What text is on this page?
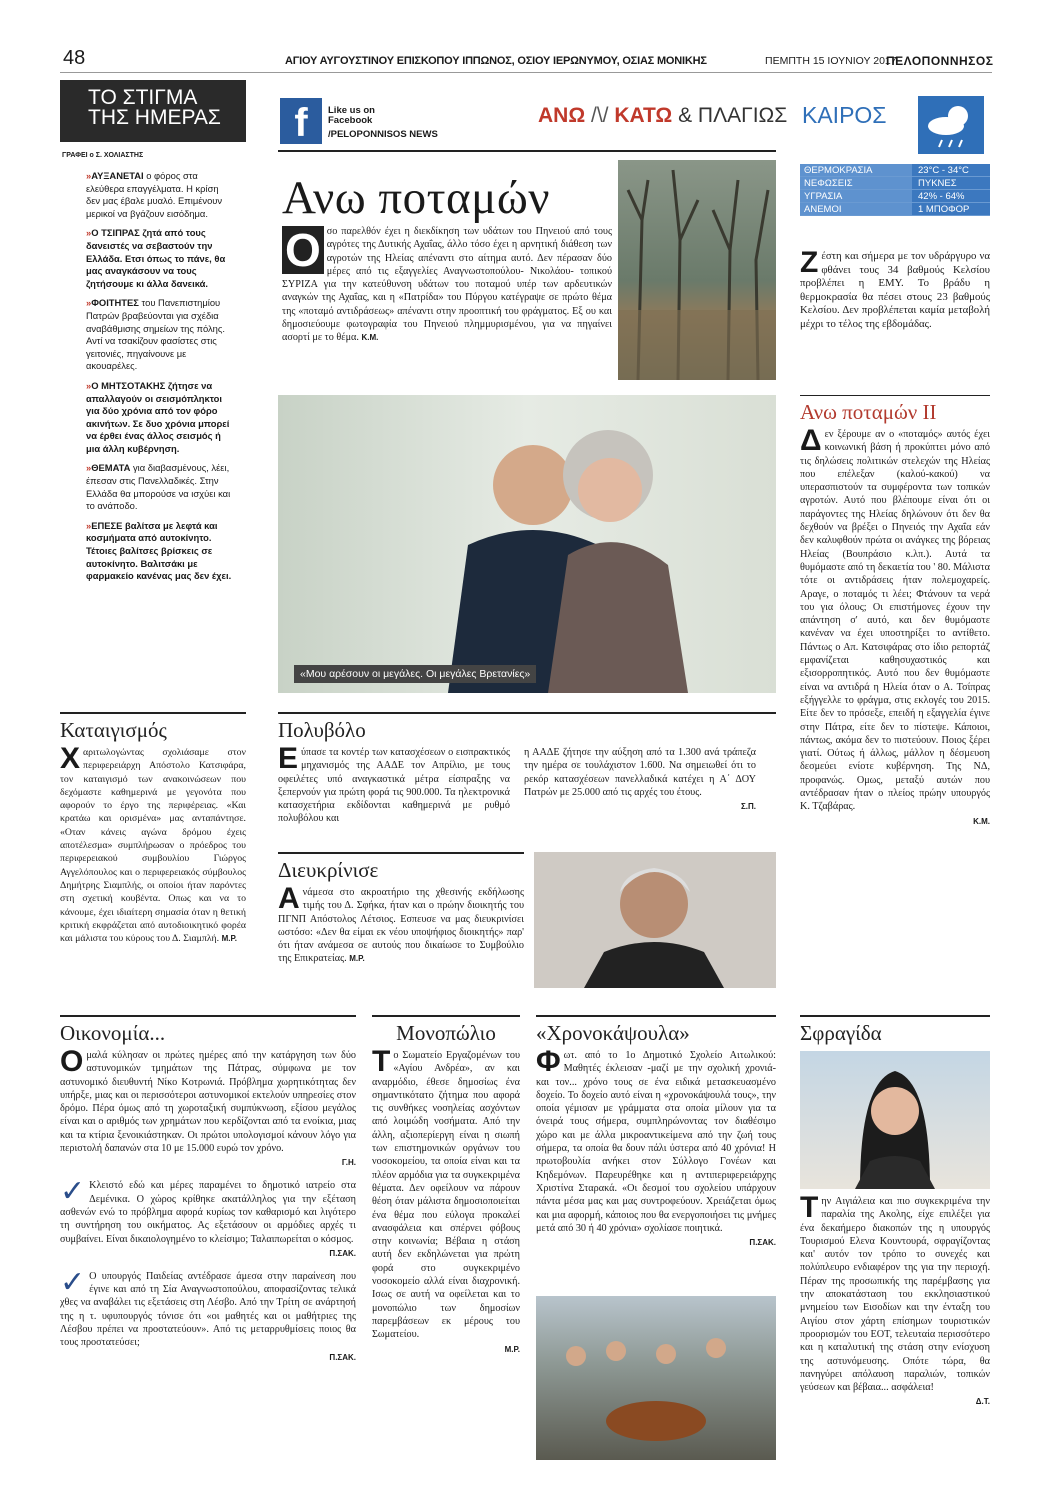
48	ΑΓΙΟΥ ΑΥΓΟΥΣΤΙΝΟΥ ΕΠΙΣΚΟΠΟΥ ΙΠΠΩΝΟΣ, ΟΣΙΟΥ ΙΕΡΩΝΥΜΟΥ, ΟΣΙΑΣ ΜΟΝΙΚΗΣ	ΠΕΜΠΤΗ 15 ΙΟΥΝΙΟΥ 2017
ΠΕΛΟΠΟΝΝΗΣΟΣ
ΤΟ ΣΤΙΓΜΑ
ΤΗΣ ΗΜΕΡΑΣ
ΓΡΑΦΕΙ ο Σ. ΧΟΛΙΑΣΤΗΣ

»ΑΥΞΑΝΕΤΑΙ ο φόρος στα ελεύθερα επαγγέλματα. Η κρίση δεν μας έβαλε μυαλό. Επιμένουν μερικοί να βγάζουν εισόδημα.

»Ο ΤΣΙΠΡΑΣ ζητά από τους δανειστές να σεβαστούν την Ελλάδα. Ετσι όπως το πάνε, θα μας αναγκάσουν να τους ζητήσουμε κι άλλα δανεικά.

»ΦΟΙΤΗΤΕΣ του Πανεπιστημίου Πατρών βραβεύονται για σχέδια αναβάθμισης σημείων της πόλης. Αντί να τσακίζουν φασίστες στις γειτονιές, πηγαίνουνε με ακουαρέλες.

»Ο ΜΗΤΣΟΤΑΚΗΣ ζήτησε να απαλλαγούν οι σεισμόπληκτοι για δύο χρόνια από τον φόρο ακινήτων. Σε δυο χρόνια μπορεί να έρθει ένας άλλος σεισμός ή μια άλλη κυβέρνηση.

»ΘΕΜΑΤΑ για διαβασμένους, λέει, έπεσαν στις Πανελλαδικές. Στην Ελλάδα θα μπορούσε να ισχύει και το ανάποδο.

»ΕΠΕΣΕ βαλίτσα με λεφτά και κοσμήματα από αυτοκίνητο. Τέτοιες βαλίτσες βρίσκεις σε αυτοκίνητο. Βαλιτσάκι με φαρμακείο κανένας μας δεν έχει.

f	Like us on
Facebook
/PELOPONNISOS NEWS
ΑΝΩ /\/ ΚΑΤΩ & ΠΛΑΓΙΩΣ
Ανω ποταμών

Ο σο παρελθόν έχει η διεκδίκηση των υδάτων του Πηνειού από τους αγρότες της Δυτικής Αχαΐας, άλλο τόσο έχει η αρνητική διάθεση των αγροτών της Ηλείας απέναντι στο αίτημα αυτό. Δεν πέρασαν δύο μέρες από τις εξαγγελίες Αναγνωστοπούλου- Νικολάου- τοπικού ΣΥΡΙΖΑ για την κατεύθυνση υδάτων του ποταμού υπέρ των αρδευτικών αναγκών της Αχαΐας, και η «Πατρίδα» του Πύργου κατέγραψε σε πρώτο θέμα της «ποταμό αντιδράσεως» απέναντι στην προοπτική του φράγματος. Εξ ου και δημοσιεύουμε φωτογραφία του Πηνειού πλημμυρισμένου, για να πηγαίνει ασορτί με το θέμα. Κ.Μ.

«Μου αρέσουν οι μεγάλες. Οι μεγάλες Βρετανίες»
ΚΑΙΡΟΣ
ΘΕΡΜΟΚΡΑΣΙΑ	23°C - 34°C
ΝΕΦΩΣΕΙΣ	ΠΥΚΝΕΣ
ΥΓΡΑΣΙΑ	42% - 64%
ΑΝΕΜΟΙ	1 ΜΠΟΦΟΡ

Ζέστη και σήμερα με τον υδράργυρο να φθάνει τους 34 βαθμούς Κελσίου προβλέπει η ΕΜΥ. Το βράδυ η θερμοκρασία θα πέσει στους 23 βαθμούς Κελσίου. Δεν προβλέπεται καμία μεταβολή μέχρι το τέλος της εβδομάδας.

Ανω ποταμών ΙΙ

Δεν ξέρουμε αν ο «ποταμός» αυτός έχει κοινωνική βάση ή προκύπτει μόνο από τις δηλώσεις πολιτικών στελεχών της Ηλείας που επέλεξαν (καλού-κακού) να υπερασπιστούν τα συμφέροντα των τοπικών αγροτών. Αυτό που βλέπουμε είναι ότι οι παράγοντες της Ηλείας δηλώνουν ότι δεν θα δεχθούν να βρέξει ο Πηνειός την Αχαΐα εάν δεν καλυφθούν πρώτα οι ανάγκες της βόρειας Ηλείας (Βουπράσιο κ.λπ.). Αυτά τα θυμόμαστε από τη δεκαετία του ' 80. Μάλιστα τότε οι αντιδράσεις ήταν πολεμοχαρείς. Αραγε, ο ποταμός τι λέει; Φτάνουν τα νερά του για όλους; Οι επιστήμονες έχουν την απάντηση σ' αυτό, και δεν θυμόμαστε κανέναν να έχει υποστηρίξει το αντίθετο. Πάντως ο Απ. Κατσιφάρας στο ίδιο ρεπορτάζ εμφανίζεται καθησυχαστικός και εξισορροπητικός. Αυτό που δεν θυμόμαστε είναι να αντιδρά η Ηλεία όταν ο Α. Τσίπρας εξήγγελλε το φράγμα, στις εκλογές του 2015. Είτε δεν το πρόσεξε, επειδή η εξαγγελία έγινε στην Πάτρα, είτε δεν το πίστεψε. Κάποιοι, πάντως, ακόμα δεν το πιστεύουν. Ποιος ξέρει γιατί. Ούτως ή άλλως, μάλλον η δέσμευση δεσμεύει ενίοτε κυβέρνηση. Της ΝΔ, προφανώς. Ομως, μεταξύ αυτών που αντέδρασαν ήταν ο πλείος πρώην υπουργός Κ. Τζαβάρας.

Κ.Μ.
Καταιγισμός

Χαριτωλογώντας σχολιάσαμε στον περιφερειάρχη Απόστολο Κατσιφάρα, τον καταιγισμό των ανακοινώσεων που δεχόμαστε καθημερινά με γεγονότα που αφορούν το έργο της περιφέρειας. «Και κρατάω και ορισμένα» μας ανταπάντησε. «Οταν κάνεις αγώνα δρόμου έχεις αποτέλεσμα» συμπλήρωσαν ο πρόεδρος του περιφερειακού συμβουλίου Γιώργος Αγγελόπουλος και ο περιφερειακός σύμβουλος Δημήτρης Σιαμπλής, οι οποίοι ήταν παρόντες στη σχετική κουβέντα. Οπως και να το κάνουμε, έχει ιδιαίτερη σημασία όταν η θετική κριτική εκφράζεται από αυτοδιοικητικό φορέα και μάλιστα του κύρους του Δ. Σιαμπλή. Μ.Ρ.

Πολυβόλο

Εύπασε τα κοντέρ των κατασχέσεων ο εισπρακτικός μηχανισμός της ΑΑΔΕ τον Απρίλιο, με τους οφειλέτες υπό αναγκαστικά μέτρα είσπραξης να ξεπερνούν για πρώτη φορά τις 900.000. Τα ηλεκτρονικά κατασχετήρια εκδίδονται καθημερινά με ρυθμό πολυβόλου και

η ΑΑΔΕ ζήτησε την αύξηση από τα 1.300 ανά τράπεζα την ημέρα σε τουλάχιστον 1.600. Να σημειωθεί ότι το ρεκόρ κατασχέσεων πανελλαδικά κατέχει η Α΄ ΔΟΥ Πατρών με 25.000 από τις αρχές του έτους.

Σ.Π.
Διευκρίνισε

Ανάμεσα στο ακροατήριο της χθεσινής εκδήλωσης τιμής του Δ. Σφήκα, ήταν και ο πρώην διοικητής του ΠΓΝΠ Απόστολος Λέτσιος. Εσπευσε να μας διευκρινίσει ωστόσο: «Δεν θα είμαι εκ νέου υποψήφιος διοικητής» παρ' ότι ήταν ανάμεσα σε αυτούς που δικαίωσε το Συμβούλιο της Επικρατείας. Μ.Ρ.

Οικονομία...

Ομαλά κύλησαν οι πρώτες ημέρες από την κατάργηση των δύο αστυνομικών τμημάτων της Πάτρας, σύμφωνα με τον αστυνομικό διευθυντή Νίκο Κοτρωνιά. Πρόβλημα χωρητικότητας δεν υπήρξε, μιας και οι περισσότεροι αστυνομικοί εκτελούν υπηρεσίες στον δρόμο. Πέρα όμως από τη χωροταξική συμπύκνωση, εξίσου μεγάλος είναι και ο αριθμός των χρημάτων που κερδίζονται από τα ενοίκια, μιας και τα κτίρια ξενοικιάστηκαν. Οι πρώτοι υπολογισμοί κάνουν λόγο για περιστολή δαπανών στα 10 με 15.000 ευρώ τον χρόνο.

Γ.Η.

✓ Κλειστό εδώ και μέρες παραμένει το δημοτικό ιατρείο στα Δεμένικα. Ο χώρος κρίθηκε ακατάλληλος για την εξέταση ασθενών ενώ το πρόβλημα αφορά κυρίως τον καθαρισμό και λιγότερο τη συντήρηση του οικήματος. Ας εξετάσουν οι αρμόδιες αρχές τι συμβαίνει. Είναι δικαιολογημένο το κλείσιμο; Ταλαιπωρείται ο κόσμος.

Π.ΣΑΚ.

✓ Ο υπουργός Παιδείας αντέδρασε άμεσα στην παραίνεση που έγινε και από τη Σία Αναγνωστοπούλου, αποφασίζοντας τελικά χθες να αναβάλει τις εξετάσεις στη Λέσβο. Από την Τρίτη σε ανάρτησή της η τ. υφυπουργός τόνισε ότι «οι μαθητές και οι μαθήτριες της Λέσβου πρέπει να προστατεύουν». Από τις μεταρρυθμίσεις ποιος θα τους προστατεύσει;

Π.ΣΑΚ.
Μονοπώλιο

Το Σωματείο Εργαζομένων του «Αγίου Ανδρέα», αν και αναρμόδιο, έθεσε δημοσίως ένα σημαντικότατο ζήτημα που αφορά τις συνθήκες νοσηλείας ασχόντων από λοιμώδη νοσήματα. Από την άλλη, αξιοπερίεργη είναι η σιωπή των επιστημονικών οργάνων του νοσοκομείου, τα οποία είναι και τα πλέον αρμόδια για τα συγκεκριμένα θέματα. Δεν οφείλουν να πάρουν θέση όταν μάλιστα δημοσιοποιείται ένα θέμα που εύλογα προκαλεί ανασφάλεια και σπέρνει φόβους στην κοινωνία; Βέβαια η στάση αυτή δεν εκδηλώνεται για πρώτη φορά στο συγκεκριμένο νοσοκομείο αλλά είναι διαχρονική. Ισως σε αυτή να οφείλεται και το μονοπώλιο των δημοσίων παρεμβάσεων εκ μέρους του Σωματείου.

Μ.Ρ.
«Χρονοκάψουλα»

Φωτ. από το 1ο Δημοτικό Σχολείο Αιτωλικού: Μαθητές έκλεισαν -μαζί με την σχολική χρονιά- και τον... χρόνο τους σε ένα ειδικά μετασκευασμένο δοχείο. Το δοχείο αυτό είναι η «χρονοκάψουλά τους», την οποία γέμισαν με γράμματα στα οποία μίλουν για τα όνειρά τους σήμερα, συμπληρώνοντας τον διαθέσιμο χώρο και με άλλα μικροαντικείμενα από την ζωή τους σήμερα, τα οποία θα δουν πάλι ύστερα από 40 χρόνια! Η πρωτοβουλία ανήκει στον Σύλλογο Γονέων και Κηδεμόνων. Παρευρέθηκε και η αντιπεριφερειάρχης Χριστίνα Σταρακά. «Οι δεσμοί του σχολείου υπάρχουν πάντα μέσα μας και μας συντροφεύουν. Χρειάζεται όμως και μια αφορμή, κάποιος που θα ενεργοποιήσει τις μνήμες μετά από 30 ή 40 χρόνια» σχολίασε ποιητικά.

Π.ΣΑΚ.
Σφραγίδα

Την Αιγιάλεια και πιο συγκεκριμένα την παραλία της Ακολης, είχε επιλέξει για ένα δεκαήμερο διακοπών της η υπουργός Τουρισμού Ελενα Κουντουρά, σφραγίζοντας και' αυτόν τον τρόπο το συνεχές και πολύπλευρο ενδιαφέρον της για την περιοχή. Πέραν της προσωπικής της παρέμβασης για την αποκατάσταση του εκκλησιαστικού μνημείου των Εισοδίων και την ένταξη του Αιγίου στον χάρτη επίσημων τουριστικών προορισμών του ΕΟΤ, τελευταία περισσότερο και η καταλυτική της στάση στην ενίσχυση της αστυνόμευσης. Οπότε τώρα, θα πανηγύρει απόλαυση παραλιών, τοπικών γεύσεων και βέβαια... ασφάλεια!

Δ.Τ.
